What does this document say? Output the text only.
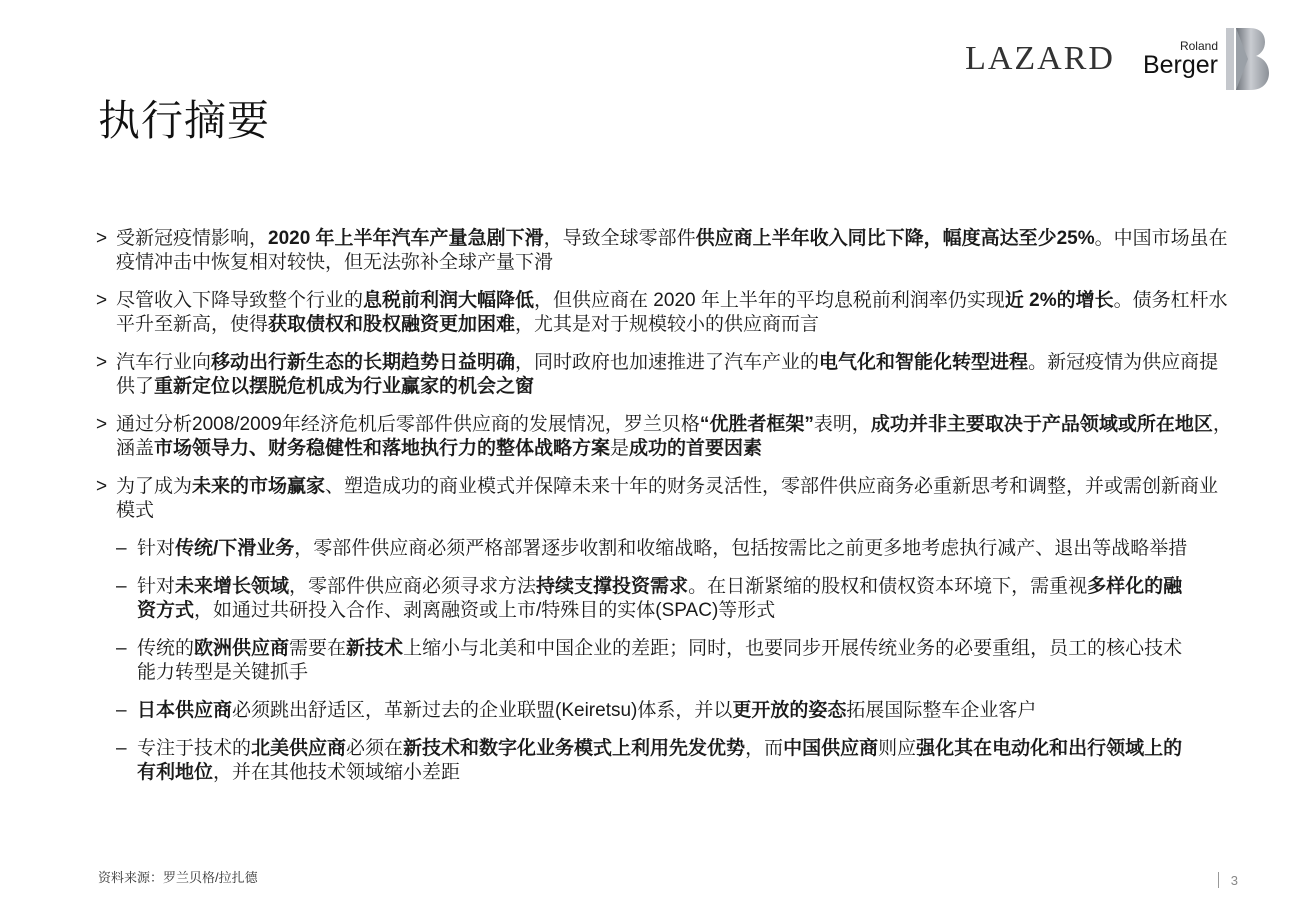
LAZARD	Roland
Berger
执行摘要
> 受新冠疫情影响，2020 年上半年汽车产量急剧下滑，导致全球零部件供应商上半年收入同比下降，幅度高达至少25%。中国市场虽在疫情冲击中恢复相对较快，但无法弥补全球产量下滑
> 尽管收入下降导致整个行业的息税前利润大幅降低，但供应商在 2020 年上半年的平均息税前利润率仍实现近 2%的增长。债务杠杆水平升至新高，使得获取债权和股权融资更加困难，尤其是对于规模较小的供应商而言
> 汽车行业向移动出行新生态的长期趋势日益明确，同时政府也加速推进了汽车产业的电气化和智能化转型进程。新冠疫情为供应商提供了重新定位以摆脱危机成为行业赢家的机会之窗
> 通过分析2008/2009年经济危机后零部件供应商的发展情况，罗兰贝格“优胜者框架”表明，成功并非主要取决于产品领域或所在地区，涵盖市场领导力、财务稳健性和落地执行力的整体战略方案是成功的首要因素
> 为了成为未来的市场赢家、塑造成功的商业模式并保障未来十年的财务灵活性，零部件供应商务必重新思考和调整，并或需创新商业模式
– 针对传统/下滑业务，零部件供应商必须严格部署逐步收割和收缩战略，包括按需比之前更多地考虑执行减产、退出等战略举措
– 针对未来增长领域，零部件供应商必须寻求方法持续支撑投资需求。在日渐紧缩的股权和债权资本环境下，需重视多样化的融资方式，如通过共研投入合作、剥离融资或上市/特殊目的实体(SPAC)等形式
– 传统的欧洲供应商需要在新技术上缩小与北美和中国企业的差距；同时，也要同步开展传统业务的必要重组，员工的核心技术能力转型是关键抓手
– 日本供应商必须跳出舒适区，革新过去的企业联盟(Keiretsu)体系，并以更开放的姿态拓展国际整车企业客户
– 专注于技术的北美供应商必须在新技术和数字化业务模式上利用先发优势，而中国供应商则应强化其在电动化和出行领域上的有利地位，并在其他技术领域缩小差距
资料来源：罗兰贝格/拉扎德	3
